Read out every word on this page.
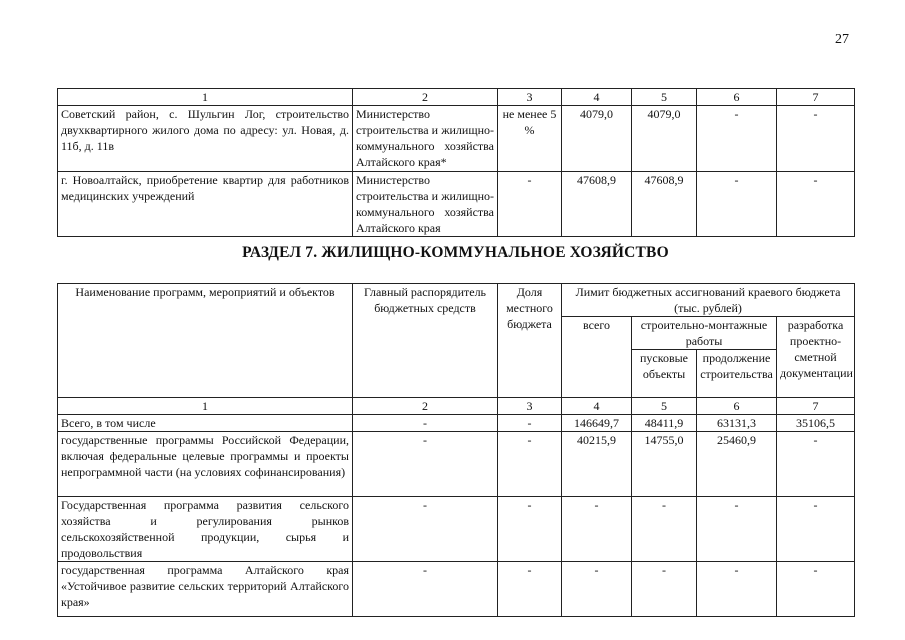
27
1	2	3	4	5	6	7
Советский район, с. Шульгин Лог, строительство двухквартирного жилого дома по адресу: ул. Новая, д. 11б, д. 11в	Министерство строительства и жилищно-коммунального хозяйства Алтайского края*	не менее 5 %	4079,0	4079,0	-	-
г. Новоалтайск, приобретение квартир для работников медицинских учреждений	Министерство строительства и жилищно-коммунального хозяйства Алтайского края	-	47608,9	47608,9	-	-
РАЗДЕЛ 7. ЖИЛИЩНО-КОММУНАЛЬНОЕ ХОЗЯЙСТВО
Наименование программ, мероприятий и объектов	Главный распорядитель бюджетных средств	Доля местного бюджета	Лимит бюджетных ассигнований краевого бюджета (тыс. рублей)			
			всего	строительно-монтажные работы		разработка проектно-сметной документации
				пусковые объекты	продолжение строительства	
1	2	3	4	5	6	7
Всего, в том числе	-	-	146649,7	48411,9	63131,3	35106,5
государственные программы Российской Федерации, включая федеральные целевые программы и проекты непрограммной части (на условиях софинансирования)	-	-	40215,9	14755,0	25460,9	-
Государственная программа развития сельского хозяйства и регулирования рынков сельскохозяйственной продукции, сырья и продовольствия	-	-	-	-	-	-
государственная программа Алтайского края «Устойчивое развитие сельских территорий Алтайского края»	-	-	-	-	-	-
